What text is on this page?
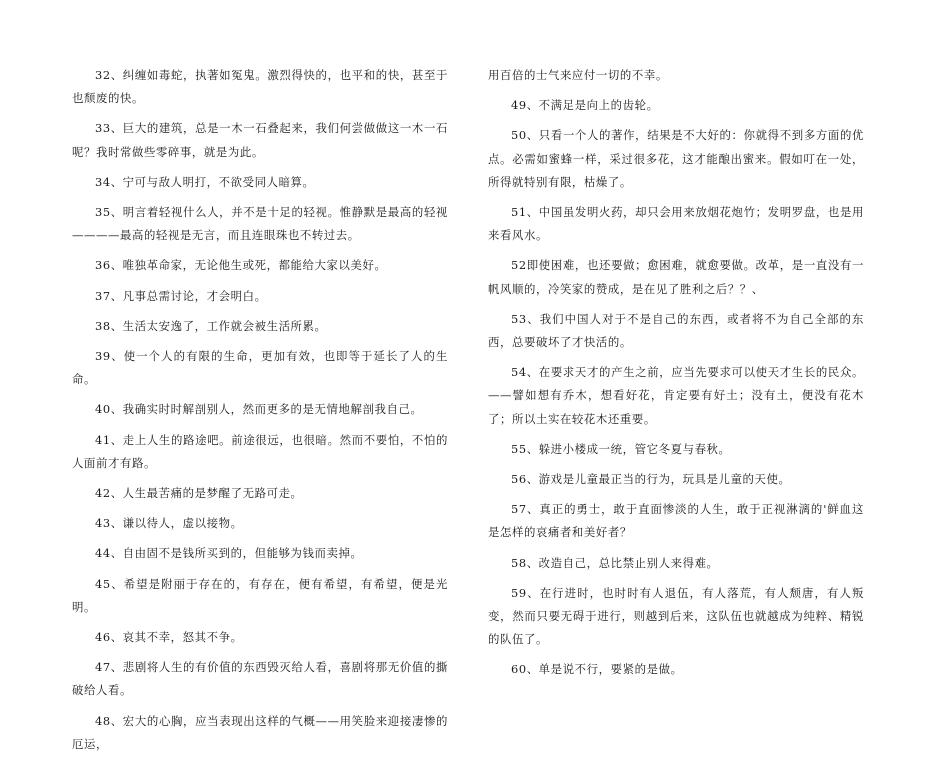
32、纠缠如毒蛇，执著如冤鬼。激烈得快的，也平和的快，甚至于也颓废的快。

33、巨大的建筑，总是一木一石叠起来，我们何尝做做这一木一石呢？我时常做些零碎事，就是为此。

34、宁可与敌人明打，不欲受同人暗算。

35、明言着轻视什么人，并不是十足的轻视。惟静默是最高的轻视————最高的轻视是无言，而且连眼珠也不转过去。

36、唯独革命家，无论他生或死，都能给大家以美好。

37、凡事总需讨论，才会明白。

38、生活太安逸了，工作就会被生活所累。

39、使一个人的有限的生命，更加有效，也即等于延长了人的生命。

40、我确实时时解剖别人，然而更多的是无情地解剖我自己。

41、走上人生的路途吧。前途很远，也很暗。然而不要怕，不怕的人面前才有路。

42、人生最苦痛的是梦醒了无路可走。

43、谦以待人，虚以接物。

44、自由固不是钱所买到的，但能够为钱而卖掉。

45、希望是附丽于存在的，有存在，便有希望，有希望，便是光明。

46、哀其不幸，怒其不争。

47、悲剧将人生的有价值的东西毁灭给人看，喜剧将那无价值的撕破给人看。

48、宏大的心胸，应当表现出这样的气概——用笑脸来迎接凄惨的厄运，

用百倍的士气来应付一切的不幸。

49、不满足是向上的齿轮。

50、只看一个人的著作，结果是不大好的：你就得不到多方面的优点。必需如蜜蜂一样，采过很多花，这才能酿出蜜来。假如叮在一处，所得就特别有限，枯燥了。

51、中国虽发明火药，却只会用来放烟花炮竹；发明罗盘，也是用来看风水。

52即使困难，也还要做；愈困难，就愈要做。改革，是一直没有一帆风顺的，冷笑家的赞成，是在见了胜利之后？？、

53、我们中国人对于不是自己的东西，或者将不为自己全部的东西，总要破坏了才快活的。

54、在要求天才的产生之前，应当先要求可以使天才生长的民众。——譬如想有乔木，想看好花，肯定要有好土；没有土，便没有花木了；所以土实在较花木还重要。

55、躲进小楼成一统，管它冬夏与春秋。

56、游戏是儿童最正当的行为，玩具是儿童的天使。

57、真正的勇士，敢于直面惨淡的人生，敢于正视淋漓的'鲜血这是怎样的哀痛者和美好者？

58、改造自己，总比禁止别人来得难。

59、在行进时，也时时有人退伍，有人落荒，有人颓唐，有人叛变，然而只要无碍于进行，则越到后来，这队伍也就越成为纯粹、精锐的队伍了。

60、单是说不行，要紧的是做。
